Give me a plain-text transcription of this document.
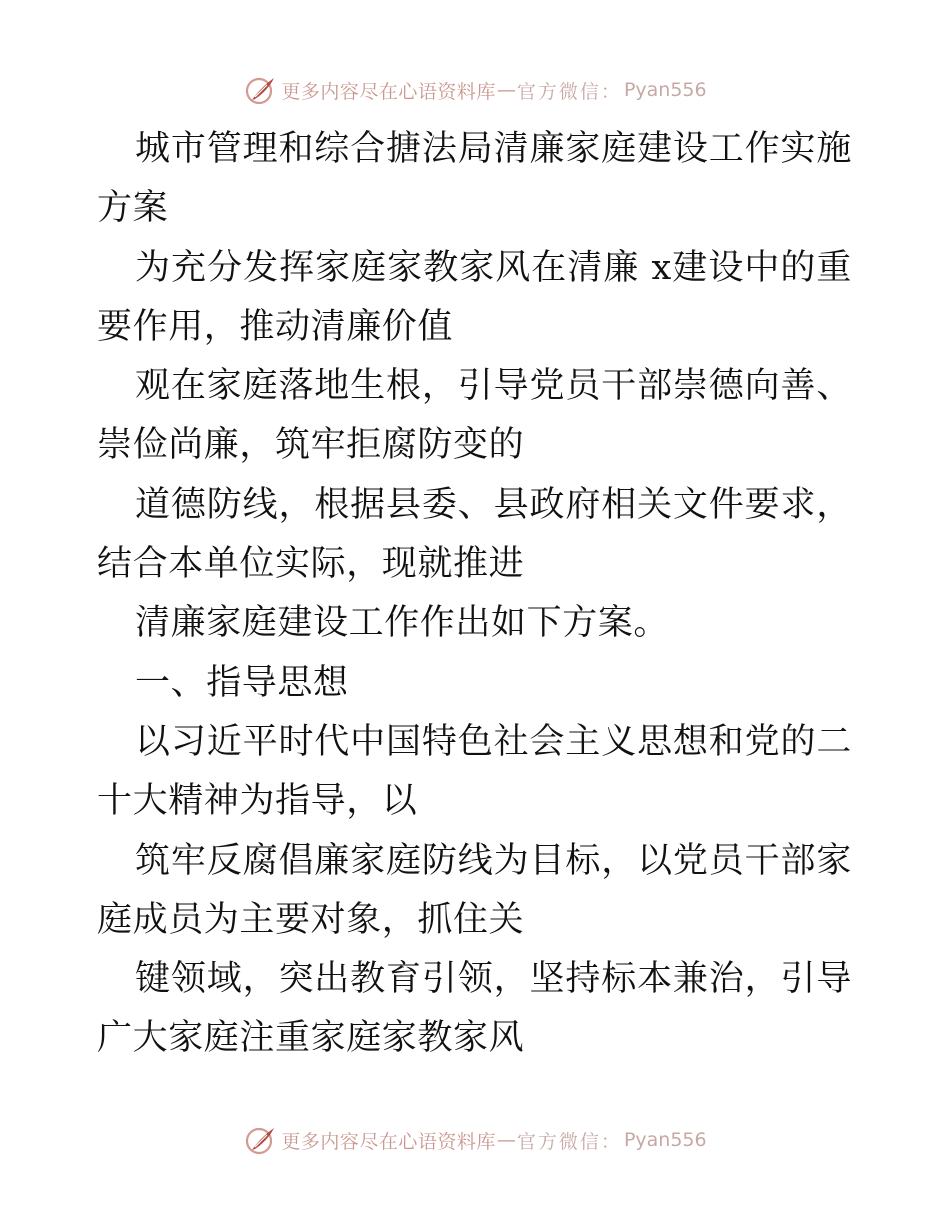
更多内容尽在心语资料库 — 官方微信： Pyan556

城市管理和综合搪法局清廉家庭建设工作实施方案

为充分发挥家庭家教家风在清廉 x建设中的重要作用，推动清廉价值

观在家庭落地生根，引导党员干部崇德向善、崇俭尚廉，筑牢拒腐防变的

道德防线，根据县委、县政府相关文件要求，结合本单位实际，现就推进

清廉家庭建设工作作出如下方案。

一、指导思想

以习近平时代中国特色社会主义思想和党的二十大精神为指导，以

筑牢反腐倡廉家庭防线为目标，以党员干部家庭成员为主要对象，抓住关

键领域，突出教育引领，坚持标本兼治，引导广大家庭注重家庭家教家风

更多内容尽在心语资料库 — 官方微信： Pyan556
